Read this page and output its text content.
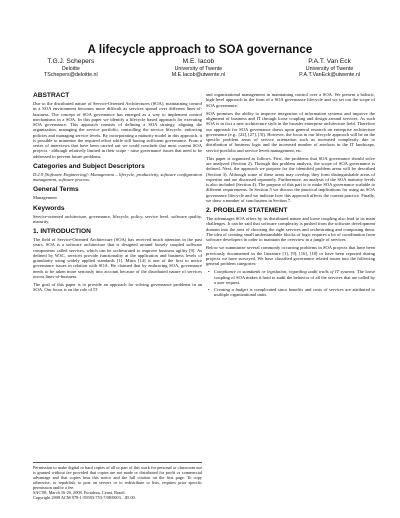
A lifecycle approach to SOA governance
T.G.J. Schepers
Deloitte
TSchepers@deloitte.nl
M.E. Iacob
University of Twente
M.E.Iacob@utwente.nl
P.A.T. Van Eck
University of Twente
P.A.T.VanEck@utwente.nl
ABSTRACT

Due to the distributed nature of Service-Oriented Architectures (SOA), maintaining control in a SOA environment becomes more difficult as services spread over different lines-of-business. The concept of SOA governance has emerged as a way to implement control mechanisms in a SOA. In this paper we identify a lifecycle based approach for executing SOA governance. This approach consists of defining a SOA strategy, aligning the organization, managing the service portfolio, controlling the service lifecycle, enforcing policies and managing service levels. By incorporating a maturity model in this approach, it is possible to minimize the required effort while still having sufficient governance. From a series of interviews that have been carried out we could conclude that most current SOA projects - although relatively limited in their scope - raise governance issues that need to be addressed to prevent future problems.

Categories and Subject Descriptors

D.2.9 [Software Engineering]: Management – lifecycle, productivity, software configuration management, software process.

General Terms

Management

Keywords

Service-oriented architecture, governance, lifecycle, policy, service level, software quality, maturity.

1. INTRODUCTION

The field of Service-Oriented Architecture (SOA) has received much attention in the past years. SOA is a software architecture that is designed around loosely coupled software components called services, which can be orchestrated to improve business agility [9]. As defined by W3C, services provide functionality at the application and business levels of granularity using widely applied standards [1]. Mitra [14] is one of the first to notice governance issues in relation with SOA. He claimed that by embracing SOA, governance needs to be taken more seriously into account because of the distributed nature of services across lines-of-business.

The goal of this paper is to provide an approach for solving governance problems in an SOA. Our focus is on the role of IT

Permission to make digital or hard copies of all or part of this work for personal or classroom use is granted without fee provided that copies are not made or distributed for profit or commercial advantage and that copies bear this notice and the full citation on the first page. To copy otherwise, or republish, to post on servers or to redistribute to lists, requires prior specific permission and/or a fee.

SAC'08, March 16-20, 2008, Fortaleza, Ceará, Brazil.

Copyright 2008 ACM 978-1-59593-753-7/08/0003…$5.00.

and organizational management in maintaining control over a SOA. We present a holistic, high-level approach in the form of a SOA governance lifecycle and we set out the scope of SOA governance.

SOA promises the ability to improve integration of information systems and improve the alignment of business and IT through loose coupling and design around services. As such SOA is in fact a new architecture style in the broader enterprise architecture field. Therefore our approach for SOA governance draws upon general research on enterprise architecture governance (e.g., [22], [27], [3]). However, the focus in our lifecycle approach will be on the specific problem areas of service orientation such as increased complexity due to distribution of business logic and the increased number of artefacts in the IT landscape, service portfolio and service levels management, etc.

This paper is organized as follows. First, the problems that SOA governance should solve are analyzed (Section 2). Through this problem analysis, the scope of SOA governance is defined. Next, the approach we propose for the identified problem areas will be described (Section 3). Although some of these areas may overlap, they form distinguishable areas of expertise and are discussed separately. Furthermore, an analysis of the SOA maturity levels is also included (Section 4). The purpose of this part is to make SOA governance scalable to different requirements. In Section 5 we discuss the practical implications for using an SOA governance lifecycle and we indicate how this approach affects the current practice. Finally, we draw a number of conclusions in Section 7.

2. PROBLEM STATEMENT

The advantages SOA offers by its distributed nature and loose coupling also lead to its main challenges. It can be said that software complexity is pushed from the software development domain into the area of choosing the right services and orchestrating and composing them. The idea of creating small understandable blocks of logic requires a lot of coordination from software developers in order to maintain the overview in a jungle of services.

Below we summarize several commonly occurring problems in SOA projects that have been previously documented in the literature [1], [9], [16], [18] or have been reported during projects we have surveyed. We have classified governance related issues into the following general problem categories:

• Compliance to standards or legislation, regarding audit trails of IT systems. The loose coupling of SOA makes it hard to audit the behavior of all the services that are called by a user request.
• Creating a budget is complicated since benefits and costs of services are attributed to multiple organizational units.
